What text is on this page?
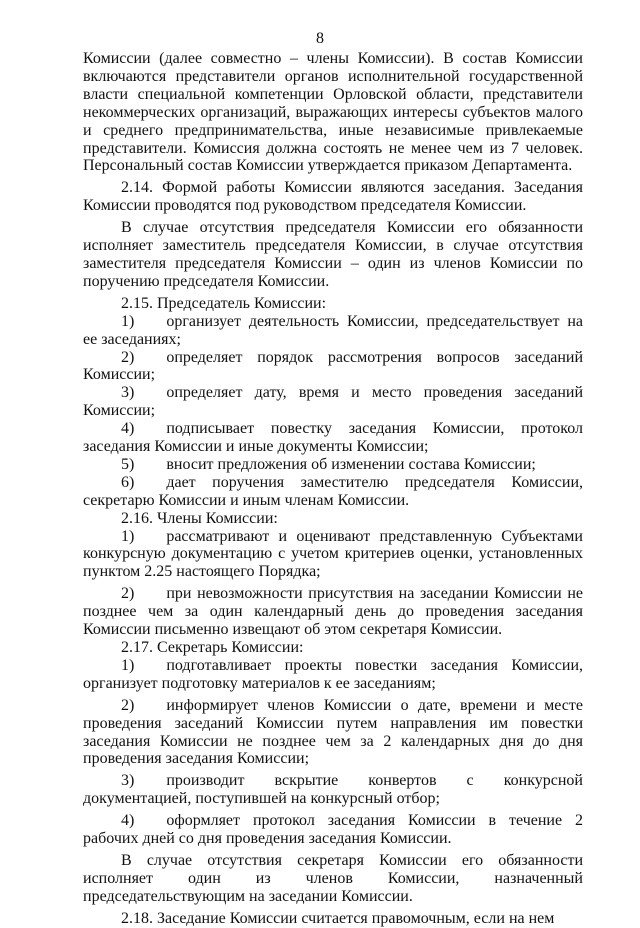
8

Комиссии (далее совместно – члены Комиссии). В состав Комиссии включаются представители органов исполнительной государственной власти специальной компетенции Орловской области, представители некоммерческих организаций, выражающих интересы субъектов малого и среднего предпринимательства, иные независимые привлекаемые представители. Комиссия должна состоять не менее чем из 7 человек. Персональный состав Комиссии утверждается приказом Департамента.

2.14. Формой работы Комиссии являются заседания. Заседания Комиссии проводятся под руководством председателя Комиссии.

В случае отсутствия председателя Комиссии его обязанности исполняет заместитель председателя Комиссии, в случае отсутствия заместителя председателя Комиссии – один из членов Комиссии по поручению председателя Комиссии.

2.15. Председатель Комиссии:

1)  организует деятельность Комиссии, председательствует на ее заседаниях;

2)  определяет порядок рассмотрения вопросов заседаний Комиссии;

3)  определяет дату, время и место проведения заседаний Комиссии;

4)  подписывает повестку заседания Комиссии, протокол заседания Комиссии и иные документы Комиссии;

5)  вносит предложения об изменении состава Комиссии;

6)  дает поручения заместителю председателя Комиссии, секретарю Комиссии и иным членам Комиссии.

2.16. Члены Комиссии:

1)  рассматривают и оценивают представленную Субъектами конкурсную документацию с учетом критериев оценки, установленных пунктом 2.25 настоящего Порядка;

2)  при невозможности присутствия на заседании Комиссии не позднее чем за один календарный день до проведения заседания Комиссии письменно извещают об этом секретаря Комиссии.

2.17. Секретарь Комиссии:

1)  подготавливает проекты повестки заседания Комиссии, организует подготовку материалов к ее заседаниям;

2)  информирует членов Комиссии о дате, времени и месте проведения заседаний Комиссии путем направления им повестки заседания Комиссии не позднее чем за 2 календарных дня до дня проведения заседания Комиссии;

3)  производит вскрытие конвертов с конкурсной документацией, поступившей на конкурсный отбор;

4)  оформляет протокол заседания Комиссии в течение 2 рабочих дней со дня проведения заседания Комиссии.

В случае отсутствия секретаря Комиссии его обязанности исполняет один из членов Комиссии, назначенный председательствующим на заседании Комиссии.

2.18. Заседание Комиссии считается правомочным, если на нем
